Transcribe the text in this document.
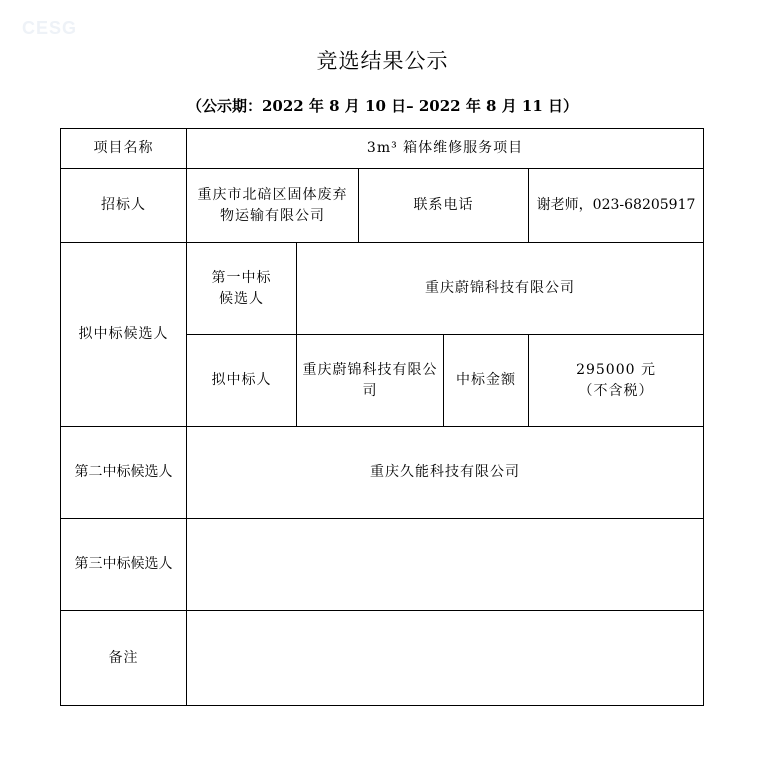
CESG
竞选结果公示
（公示期：2022 年 8 月 10 日– 2022 年 8 月 11 日）
项目名称	3m³ 箱体维修服务项目				
招标人	重庆市北碚区固体废弃物运输有限公司		联系电话		谢老师，023-68205917
拟中标候选人	第一中标候选人	重庆蔚锦科技有限公司			
	拟中标人	重庆蔚锦科技有限公司		中标金额	295000 元
（不含税）

第二中标候选人	重庆久能科技有限公司				
第三中标候选人					
备注					
